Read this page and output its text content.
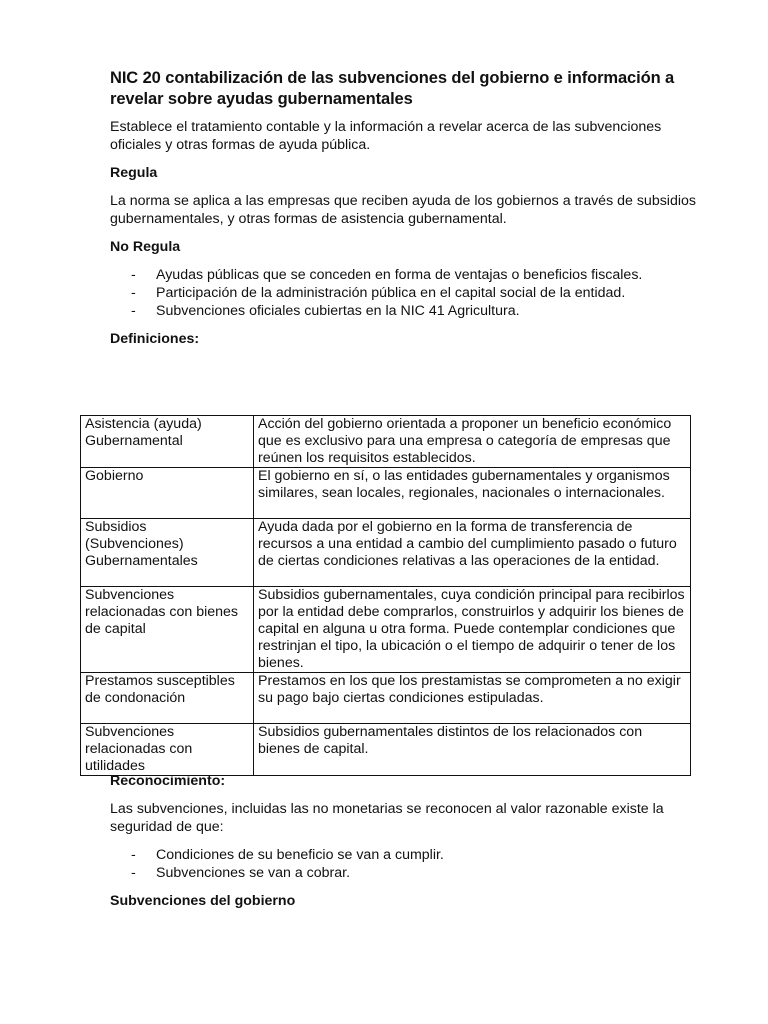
NIC 20 contabilización de las subvenciones del gobierno e información a revelar sobre ayudas gubernamentales

Establece el tratamiento contable y la información a revelar acerca de las subvenciones oficiales y otras formas de ayuda pública.

Regula

La norma se aplica a las empresas que reciben ayuda de los gobiernos a través de subsidios gubernamentales, y otras formas de asistencia gubernamental.

No Regula
- Ayudas públicas que se conceden en forma de ventajas o beneficios fiscales.
- Participación de la administración pública en el capital social de la entidad.
- Subvenciones oficiales cubiertas en la NIC 41 Agricultura.
Definiciones:
Asistencia (ayuda) Gubernamental	Acción del gobierno orientada a proponer un beneficio económico que es exclusivo para una empresa o categoría de empresas que reúnen los requisitos establecidos.
Gobierno	El gobierno en sí, o las entidades gubernamentales y organismos similares, sean locales, regionales, nacionales o internacionales.
Subsidios (Subvenciones) Gubernamentales	Ayuda dada por el gobierno en la forma de transferencia de recursos a una entidad a cambio del cumplimiento pasado o futuro de ciertas condiciones relativas a las operaciones de la entidad.
Subvenciones relacionadas con bienes de capital	Subsidios gubernamentales, cuya condición principal para recibirlos por la entidad debe comprarlos, construirlos y adquirir los bienes de capital en alguna u otra forma. Puede contemplar condiciones que restrinjan el tipo, la ubicación o el tiempo de adquirir o tener de los bienes.
Prestamos susceptibles de condonación	Prestamos en los que los prestamistas se comprometen a no exigir su pago bajo ciertas condiciones estipuladas.
Subvenciones relacionadas con utilidades	Subsidios gubernamentales distintos de los relacionados con bienes de capital.
Reconocimiento:

Las subvenciones, incluidas las no monetarias se reconocen al valor razonable existe la seguridad de que:

- Condiciones de su beneficio se van a cumplir.
- Subvenciones se van a cobrar.
Subvenciones del gobierno
